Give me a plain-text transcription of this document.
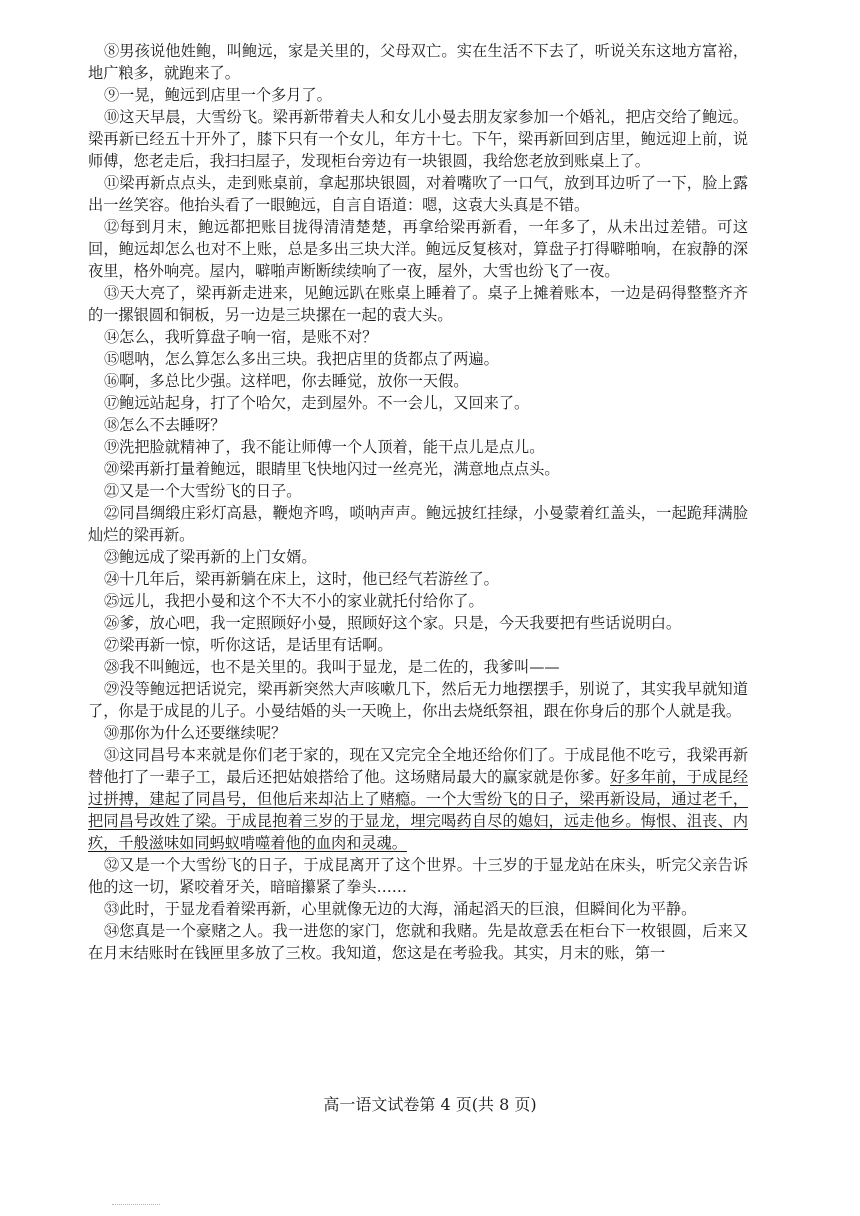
⑧男孩说他姓鲍，叫鲍远，家是关里的，父母双亡。实在生活不下去了，听说关东这地方富裕，地广粮多，就跑来了。

⑨一晃，鲍远到店里一个多月了。

⑩这天早晨，大雪纷飞。梁再新带着夫人和女儿小曼去朋友家参加一个婚礼，把店交给了鲍远。梁再新已经五十开外了，膝下只有一个女儿，年方十七。下午，梁再新回到店里，鲍远迎上前，说师傅，您老走后，我扫扫屋子，发现柜台旁边有一块银圆，我给您老放到账桌上了。

⑪梁再新点点头，走到账桌前，拿起那块银圆，对着嘴吹了一口气，放到耳边听了一下，脸上露出一丝笑容。他抬头看了一眼鲍远，自言自语道：嗯，这袁大头真是不错。

⑫每到月末，鲍远都把账目拢得清清楚楚，再拿给梁再新看，一年多了，从未出过差错。可这回，鲍远却怎么也对不上账，总是多出三块大洋。鲍远反复核对，算盘子打得噼啪响，在寂静的深夜里，格外响亮。屋内，噼啪声断断续续响了一夜，屋外，大雪也纷飞了一夜。

⑬天大亮了，梁再新走进来，见鲍远趴在账桌上睡着了。桌子上摊着账本，一边是码得整整齐齐的一摞银圆和铜板，另一边是三块摞在一起的袁大头。

⑭怎么，我听算盘子响一宿，是账不对？

⑮嗯呐，怎么算怎么多出三块。我把店里的货都点了两遍。

⑯啊，多总比少强。这样吧，你去睡觉，放你一天假。

⑰鲍远站起身，打了个哈欠，走到屋外。不一会儿，又回来了。

⑱怎么不去睡呀？

⑲洗把脸就精神了，我不能让师傅一个人顶着，能干点儿是点儿。

⑳梁再新打量着鲍远，眼睛里飞快地闪过一丝亮光，满意地点点头。

㉑又是一个大雪纷飞的日子。

㉒同昌绸缎庄彩灯高悬，鞭炮齐鸣，唢呐声声。鲍远披红挂绿，小曼蒙着红盖头，一起跪拜满脸灿烂的梁再新。

㉓鲍远成了梁再新的上门女婿。

㉔十几年后，梁再新躺在床上，这时，他已经气若游丝了。

㉕远儿，我把小曼和这个不大不小的家业就托付给你了。

㉖爹，放心吧，我一定照顾好小曼，照顾好这个家。只是，今天我要把有些话说明白。

㉗梁再新一惊，听你这话，是话里有话啊。

㉘我不叫鲍远，也不是关里的。我叫于显龙，是二佐的，我爹叫——

㉙没等鲍远把话说完，梁再新突然大声咳嗽几下，然后无力地摆摆手，别说了，其实我早就知道了，你是于成昆的儿子。小曼结婚的头一天晚上，你出去烧纸祭祖，跟在你身后的那个人就是我。

㉚那你为什么还要继续呢？

㉛这同昌号本来就是你们老于家的，现在又完完全全地还给你们了。于成昆他不吃亏，我梁再新替他打了一辈子工，最后还把姑娘搭给了他。这场赌局最大的赢家就是你爹。好多年前，于成昆经过拼搏，建起了同昌号，但他后来却沾上了赌瘾。一个大雪纷飞的日子，梁再新设局，通过老千，把同昌号改姓了梁。于成昆抱着三岁的于显龙，埋完喝药自尽的媳妇，远走他乡。悔恨、沮丧、内疚，千般滋味如同蚂蚁啃噬着他的血肉和灵魂。

㉜又是一个大雪纷飞的日子，于成昆离开了这个世界。十三岁的于显龙站在床头，听完父亲告诉他的这一切，紧咬着牙关，暗暗攥紧了拳头……

㉝此时，于显龙看着梁再新，心里就像无边的大海，涌起滔天的巨浪，但瞬间化为平静。

㉞您真是一个豪赌之人。我一进您的家门，您就和我赌。先是故意丢在柜台下一枚银圆，后来又在月末结账时在钱匣里多放了三枚。我知道，您这是在考验我。其实，月末的账，第一

高一语文试卷第 4 页(共 8 页)
